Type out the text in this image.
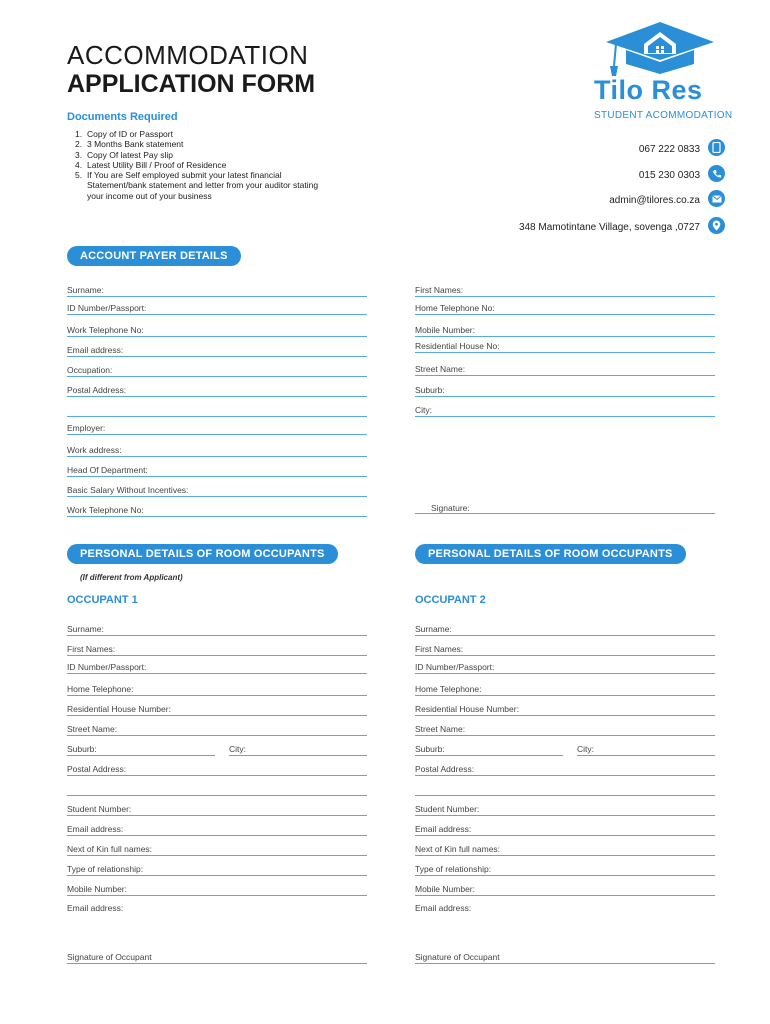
ACCOMMODATION
APPLICATION FORM
Documents Required
1. Copy of ID or Passport
2. 3 Months Bank statement
3. Copy Of latest Pay slip
4. Latest Utility Bill / Proof of Residence
5. If You are Self employed submit your latest financial Statement/bank statement and letter from your auditor stating your income out of your business
Tilo Res
STUDENT ACOMMODATION
067 222 0833
015 230 0303
admin@tilores.co.za
348 Mamotintane Village, sovenga ,0727
ACCOUNT PAYER DETAILS
Surname:
ID Number/Passport:
Work Telephone No:
Email address:
Occupation:
Postal Address:
Employer:
Work address:
Head Of Department:
Basic Salary Without Incentives:
Work Telephone No:
First Names:
Home Telephone No:
Mobile Number:
Residential House No:
Street Name:
Suburb:
City:
Signature:
PERSONAL DETAILS OF ROOM OCCUPANTS	PERSONAL DETAILS OF ROOM OCCUPANTS
(If different from Applicant)
OCCUPANT 1	OCCUPANT 2
Surname:
First Names:
ID Number/Passport:
Home Telephone:
Residential House Number:
Street Name:
Suburb:	City:
Postal Address:
Student Number:
Email address:
Next of Kin full names:
Type of relationship:
Mobile Number:
Email address:
Signature of Occupant
Surname:
First Names:
ID Number/Passport:
Home Telephone:
Residential House Number:
Street Name:
Suburb:	City:
Postal Address:
Student Number:
Email address:
Next of Kin full names:
Type of relationship:
Mobile Number:
Email address:
Signature of Occupant
